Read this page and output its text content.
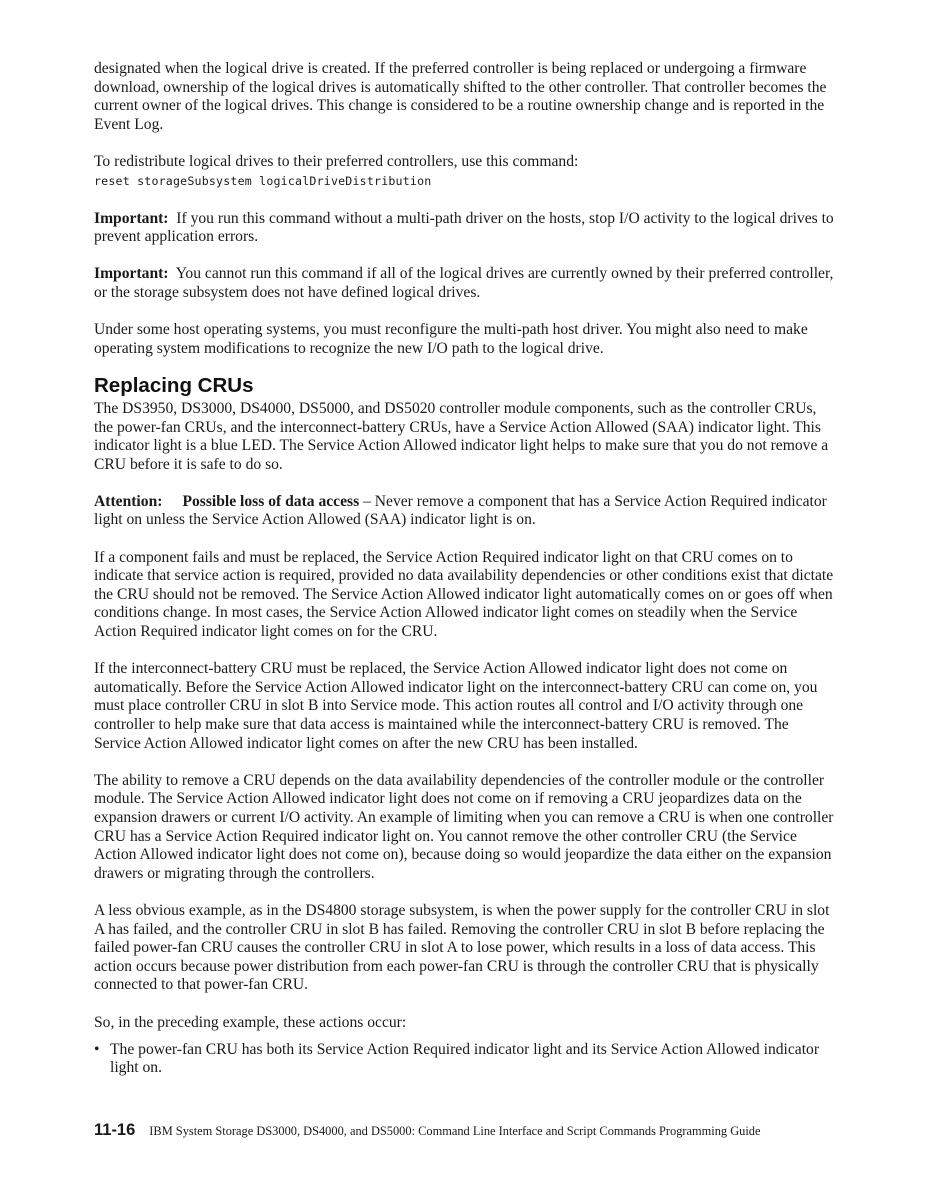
designated when the logical drive is created. If the preferred controller is being replaced or undergoing a firmware download, ownership of the logical drives is automatically shifted to the other controller. That controller becomes the current owner of the logical drives. This change is considered to be a routine ownership change and is reported in the Event Log.

To redistribute logical drives to their preferred controllers, use this command:

reset storageSubsystem logicalDriveDistribution

Important: If you run this command without a multi-path driver on the hosts, stop I/O activity to the logical drives to prevent application errors.

Important: You cannot run this command if all of the logical drives are currently owned by their preferred controller, or the storage subsystem does not have defined logical drives.

Under some host operating systems, you must reconfigure the multi-path host driver. You might also need to make operating system modifications to recognize the new I/O path to the logical drive.

Replacing CRUs

The DS3950, DS3000, DS4000, DS5000, and DS5020 controller module components, such as the controller CRUs, the power-fan CRUs, and the interconnect-battery CRUs, have a Service Action Allowed (SAA) indicator light. This indicator light is a blue LED. The Service Action Allowed indicator light helps to make sure that you do not remove a CRU before it is safe to do so.

Attention: Possible loss of data access – Never remove a component that has a Service Action Required indicator light on unless the Service Action Allowed (SAA) indicator light is on.

If a component fails and must be replaced, the Service Action Required indicator light on that CRU comes on to indicate that service action is required, provided no data availability dependencies or other conditions exist that dictate the CRU should not be removed. The Service Action Allowed indicator light automatically comes on or goes off when conditions change. In most cases, the Service Action Allowed indicator light comes on steadily when the Service Action Required indicator light comes on for the CRU.

If the interconnect-battery CRU must be replaced, the Service Action Allowed indicator light does not come on automatically. Before the Service Action Allowed indicator light on the interconnect-battery CRU can come on, you must place controller CRU in slot B into Service mode. This action routes all control and I/O activity through one controller to help make sure that data access is maintained while the interconnect-battery CRU is removed. The Service Action Allowed indicator light comes on after the new CRU has been installed.

The ability to remove a CRU depends on the data availability dependencies of the controller module or the controller module. The Service Action Allowed indicator light does not come on if removing a CRU jeopardizes data on the expansion drawers or current I/O activity. An example of limiting when you can remove a CRU is when one controller CRU has a Service Action Required indicator light on. You cannot remove the other controller CRU (the Service Action Allowed indicator light does not come on), because doing so would jeopardize the data either on the expansion drawers or migrating through the controllers.

A less obvious example, as in the DS4800 storage subsystem, is when the power supply for the controller CRU in slot A has failed, and the controller CRU in slot B has failed. Removing the controller CRU in slot B before replacing the failed power-fan CRU causes the controller CRU in slot A to lose power, which results in a loss of data access. This action occurs because power distribution from each power-fan CRU is through the controller CRU that is physically connected to that power-fan CRU.

So, in the preceding example, these actions occur:

• The power-fan CRU has both its Service Action Required indicator light and its Service Action Allowed indicator light on.
11-16 IBM System Storage DS3000, DS4000, and DS5000: Command Line Interface and Script Commands Programming Guide
